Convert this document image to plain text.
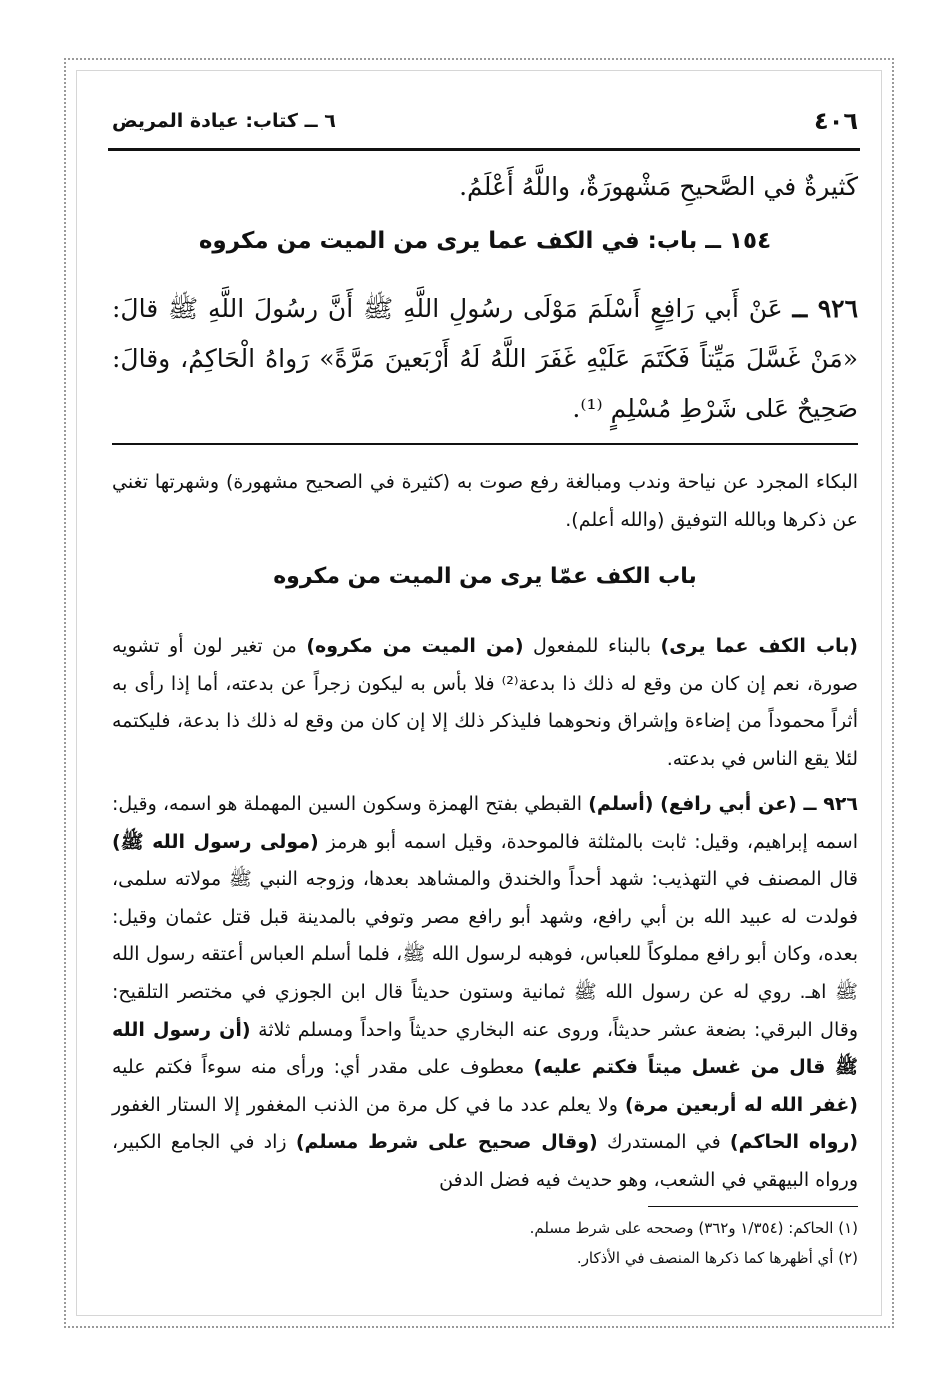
٤٠٦
٦ ــ كتاب: عيادة المريض
كَثيرةٌ في الصَّحيحِ مَشْهورَةٌ، واللَّهُ أَعْلَمُ.
١٥٤ ــ باب: في الكف عما يرى من الميت من مكروه
٩٢٦ ــ عَنْ أَبي رَافِعٍ أَسْلَمَ مَوْلَى رسُولِ اللَّهِ ﷺ أَنَّ رسُولَ اللَّهِ ﷺ قالَ: «مَنْ غَسَّلَ مَيِّتاً فَكَتَمَ عَلَيْهِ غَفَرَ اللَّهُ لَهُ أَرْبَعينَ مَرَّةً» رَواهُ الْحَاكِمُ، وقالَ: صَحِيحٌ عَلى شَرْطِ مُسْلِمٍ ⁽¹⁾.
البكاء المجرد عن نياحة وندب ومبالغة رفع صوت به (كثيرة في الصحيح مشهورة) وشهرتها تغني عن ذكرها وبالله التوفيق (والله أعلم).
باب الكف عمّا يرى من الميت من مكروه
(باب الكف عما يرى) بالبناء للمفعول (من الميت من مكروه) من تغير لون أو تشويه صورة، نعم إن كان من وقع له ذلك ذا بدعة⁽²⁾ فلا بأس به ليكون زجراً عن بدعته، أما إذا رأى به أثراً محموداً من إضاءة وإشراق ونحوهما فليذكر ذلك إلا إن كان من وقع له ذلك ذا بدعة، فليكتمه لئلا يقع الناس في بدعته.
٩٢٦ ــ (عن أبي رافع) (أسلم) القبطي بفتح الهمزة وسكون السين المهملة هو اسمه، وقيل: اسمه إبراهيم، وقيل: ثابت بالمثلثة فالموحدة، وقيل اسمه أبو هرمز (مولى رسول الله ﷺ) قال المصنف في التهذيب: شهد أحداً والخندق والمشاهد بعدها، وزوجه النبي ﷺ مولاته سلمى، فولدت له عبيد الله بن أبي رافع، وشهد أبو رافع مصر وتوفي بالمدينة قبل قتل عثمان وقيل: بعده، وكان أبو رافع مملوكاً للعباس، فوهبه لرسول الله ﷺ، فلما أسلم العباس أعتقه رسول الله ﷺ اهـ. روي له عن رسول الله ﷺ ثمانية وستون حديثاً قال ابن الجوزي في مختصر التلقيح: وقال البرقي: بضعة عشر حديثاً، وروى عنه البخاري حديثاً واحداً ومسلم ثلاثة (أن رسول الله ﷺ قال من غسل ميتاً فكتم عليه) معطوف على مقدر أي: ورأى منه سوءاً فكتم عليه (غفر الله له أربعين مرة) ولا يعلم عدد ما في كل مرة من الذنب المغفور إلا الستار الغفور (رواه الحاكم) في المستدرك (وقال صحيح على شرط مسلم) زاد في الجامع الكبير، ورواه البيهقي في الشعب، وهو حديث فيه فضل الدفن
(١) الحاكم: (١/٣٥٤ و٣٦٢) وصححه على شرط مسلم.
(٢) أي أظهرها كما ذكرها المنصف في الأذكار.
